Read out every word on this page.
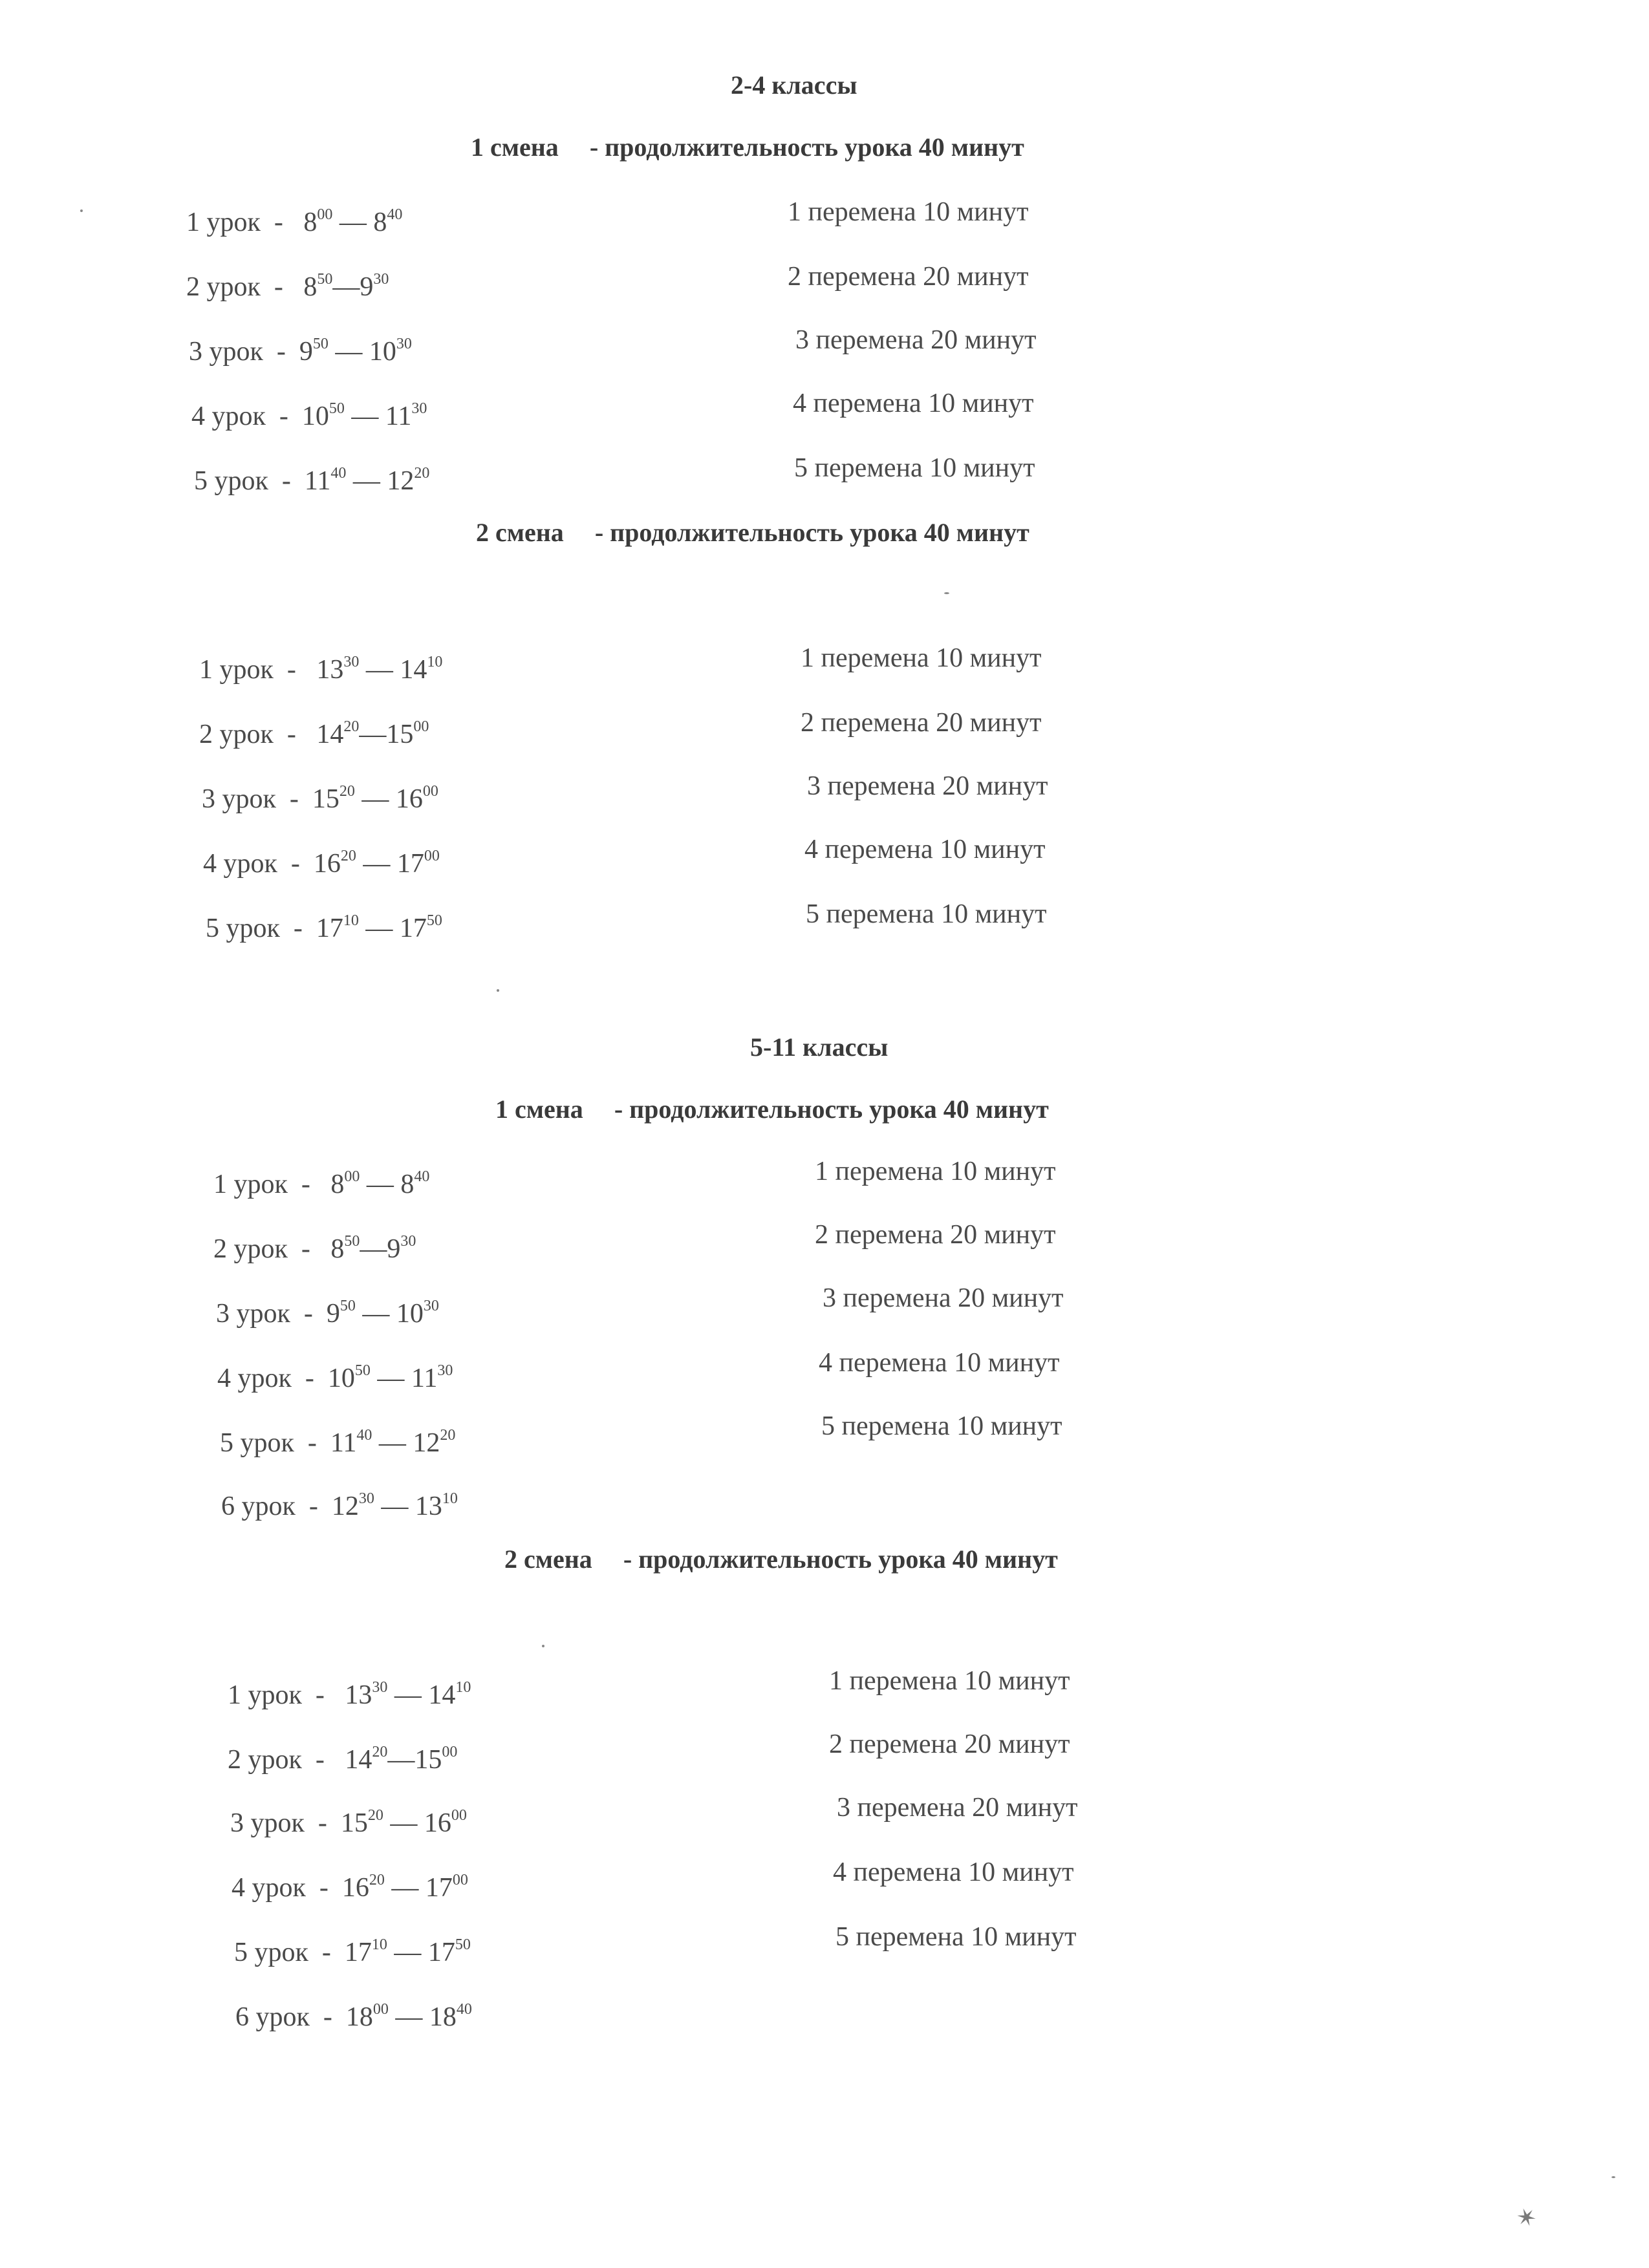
2-4 классы
1 смена - продолжительность урока 40 минут
1 урок  -   $8^{00}$ — $8^{40}$
2 урок  -   $8^{50}—9^{30}$
3 урок  -  $9^{50}$ — $10^{30}$
4 урок  -  $10^{50}$ — $11^{30}$
5 урок  -  $11^{40}$ — $12^{20}$
1 перемена 10 минут
2 перемена 20 минут
3 перемена 20 минут
4 перемена 10 минут
5 перемена 10 минут
2 смена - продолжительность урока 40 минут
1 урок  -   $13^{30}$ — $14^{10}$
2 урок  -   $14^{20}—15^{00}$
3 урок  -  $15^{20}$ — $16^{00}$
4 урок  -  $16^{20}$ — $17^{00}$
5 урок  -  $17^{10}$ — $17^{50}$
1 перемена 10 минут
2 перемена 20 минут
3 перемена 20 минут
4 перемена 10 минут
5 перемена 10 минут
5-11 классы
1 смена - продолжительность урока 40 минут
1 урок  -   $8^{00}$ — $8^{40}$
2 урок  -   $8^{50}—9^{30}$
3 урок  -  $9^{50}$ — $10^{30}$
4 урок  -  $10^{50}$ — $11^{30}$
5 урок  -  $11^{40}$ — $12^{20}$
6 урок  -  $12^{30}$ — $13^{10}$
1 перемена 10 минут
2 перемена 20 минут
3 перемена 20 минут
4 перемена 10 минут
5 перемена 10 минут
2 смена - продолжительность урока 40 минут
1 урок  -   $13^{30}$ — $14^{10}$
2 урок  -   $14^{20}—15^{00}$
3 урок  -  $15^{20}$ — $16^{00}$
4 урок  -  $16^{20}$ — $17^{00}$
5 урок  -  $17^{10}$ — $17^{50}$
6 урок  -  $18^{00}$ — $18^{40}$
1 перемена 10 минут
2 перемена 20 минут
3 перемена 20 минут
4 перемена 10 минут
5 перемена 10 минут
✶
